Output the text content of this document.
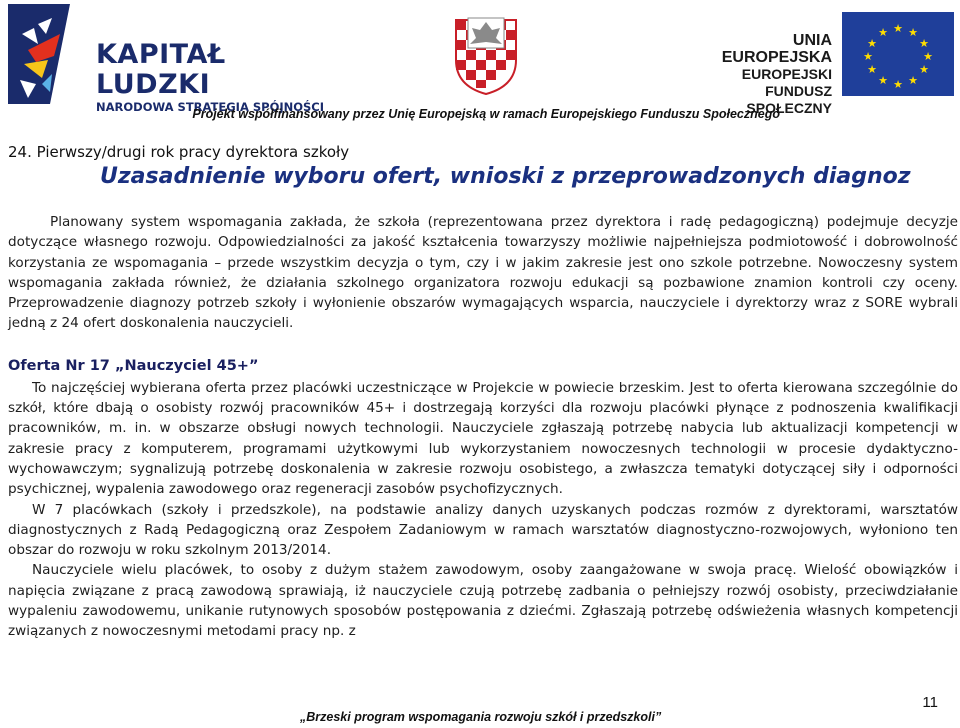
KAPITAŁ LUDZKI
NARODOWA STRATEGIA SPÓJNOŚCI
UNIA EUROPEJSKA
EUROPEJSKI
FUNDUSZ SPOŁECZNY
★ ★
★
★
★
★
★
★
★
★
★
★
Projekt współfinansowany przez Unię Europejską w ramach Europejskiego Funduszu Społecznego
24. Pierwszy/drugi rok pracy dyrektora szkoły
Uzasadnienie wyboru ofert, wnioski z przeprowadzonych diagnoz
Planowany system wspomagania zakłada, że szkoła (reprezentowana przez dyrektora i radę pedagogiczną) podejmuje decyzje dotyczące własnego rozwoju. Odpowiedzialności za jakość kształcenia towarzyszy możliwie najpełniejsza podmiotowość i dobrowolność korzystania ze wspomagania – przede wszystkim decyzja o tym, czy i w jakim zakresie jest ono szkole potrzebne. Nowoczesny system wspomagania zakłada również, że działania szkolnego organizatora rozwoju edukacji są pozbawione znamion kontroli czy oceny. Przeprowadzenie diagnozy potrzeb szkoły i wyłonienie obszarów wymagających wsparcia, nauczyciele i dyrektorzy wraz z SORE wybrali jedną z 24 ofert doskonalenia nauczycieli.
Oferta Nr 17 „Nauczyciel 45+”
To najczęściej wybierana oferta przez placówki uczestniczące w Projekcie w powiecie brzeskim. Jest to oferta kierowana szczególnie do szkół, które dbają o osobisty rozwój pracowników 45+ i dostrzegają korzyści dla rozwoju placówki płynące z podnoszenia kwalifikacji pracowników, m. in. w obszarze obsługi nowych technologii. Nauczyciele zgłaszają potrzebę nabycia lub aktualizacji kompetencji w zakresie pracy z komputerem, programami użytkowymi lub wykorzystaniem nowoczesnych technologii w procesie dydaktyczno-wychowawczym; sygnalizują potrzebę doskonalenia w zakresie rozwoju osobistego, a zwłaszcza tematyki dotyczącej siły i odporności psychicznej, wypalenia zawodowego oraz regeneracji zasobów psychofizycznych.
W 7 placówkach (szkoły i przedszkole), na podstawie analizy danych uzyskanych podczas rozmów z dyrektorami, warsztatów diagnostycznych z Radą Pedagogiczną oraz Zespołem Zadaniowym w ramach warsztatów diagnostyczno-rozwojowych, wyłoniono ten obszar do rozwoju w roku szkolnym 2013/2014.
Nauczyciele wielu placówek, to osoby z dużym stażem zawodowym, osoby zaangażowane w swoja pracę. Wielość obowiązków i napięcia związane z pracą zawodową sprawiają, iż nauczyciele czują potrzebę zadbania o pełniejszy rozwój osobisty, przeciwdziałanie wypaleniu zawodowemu, unikanie rutynowych sposobów postępowania z dziećmi. Zgłaszają potrzebę odświeżenia własnych kompetencji związanych z nowoczesnymi metodami pracy np. z
„Brzeski program wspomagania rozwoju szkół i przedszkoli”
11
